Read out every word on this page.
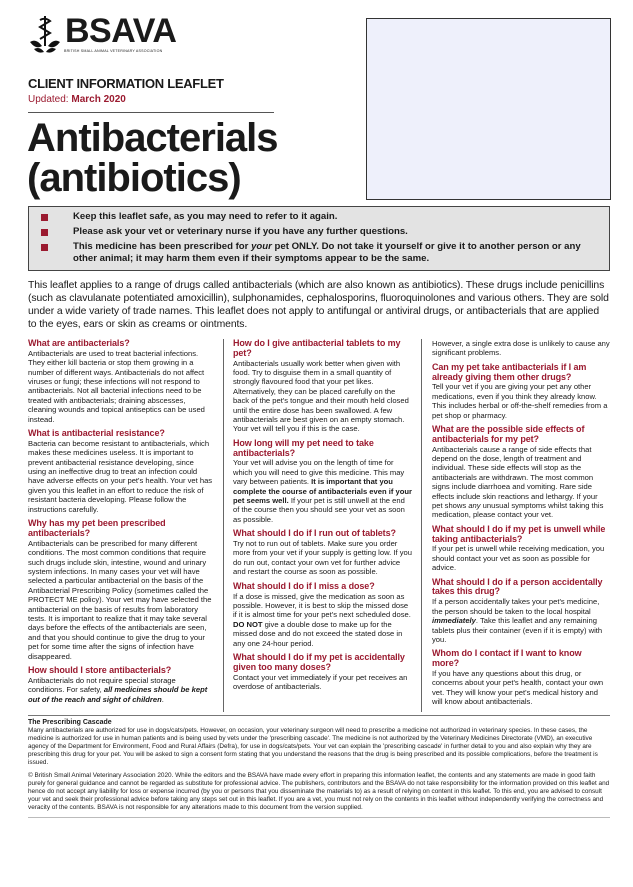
BSAVA
BRITISH SMALL ANIMAL VETERINARY ASSOCIATION
CLIENT INFORMATION LEAFLET
Updated: March 2020
Antibacterials
(antibiotics)
Keep this leaflet safe, as you may need to refer to it again.
Please ask your vet or veterinary nurse if you have any further questions.
This medicine has been prescribed for your pet ONLY. Do not take it yourself or give it to another person or any other animal; it may harm them even if their symptoms appear to be the same.
This leaflet applies to a range of drugs called antibacterials (which are also known as antibiotics). These drugs include penicillins (such as clavulanate potentiated amoxicillin), sulphonamides, cephalosporins, fluoroquinolones and various others. They are sold under a wide variety of trade names. This leaflet does not apply to antifungal or antiviral drugs, or antibacterials that are applied to the eyes, ears or skin as creams or ointments.
What are antibacterials?

Antibacterials are used to treat bacterial infections. They either kill bacteria or stop them growing in a number of different ways. Antibacterials do not affect viruses or fungi; these infections will not respond to antibacterials. Not all bacterial infections need to be treated with antibacterials; draining abscesses, cleaning wounds and topical antiseptics can be used instead.

What is antibacterial resistance?

Bacteria can become resistant to antibacterials, which makes these medicines useless. It is important to prevent antibacterial resistance developing, since using an ineffective drug to treat an infection could have adverse effects on your pet's health. Your vet has given you this leaflet in an effort to reduce the risk of resistant bacteria developing. Please follow the instructions carefully.

Why has my pet been prescribed antibacterials?

Antibacterials can be prescribed for many different conditions. The most common conditions that require such drugs include skin, intestine, wound and urinary system infections. In many cases your vet will have selected a particular antibacterial on the basis of the Antibacterial Prescribing Policy (sometimes called the PROTECT ME policy). Your vet may have selected the antibacterial on the basis of results from laboratory tests. It is important to realize that it may take several days before the effects of the antibacterials are seen, and that you should continue to give the drug to your pet for some time after the signs of infection have disappeared.

How should I store antibacterials?

Antibacterials do not require special storage conditions. For safety, all medicines should be kept out of the reach and sight of children.

How do I give antibacterial tablets to my pet?

Antibacterials usually work better when given with food. Try to disguise them in a small quantity of strongly flavoured food that your pet likes. Alternatively, they can be placed carefully on the back of the pet's tongue and their mouth held closed until the entire dose has been swallowed. A few antibacterials are best given on an empty stomach. Your vet will tell you if this is the case.

How long will my pet need to take antibacterials?

Your vet will advise you on the length of time for which you will need to give this medicine. This may vary between patients. It is important that you complete the course of antibacterials even if your pet seems well. If your pet is still unwell at the end of the course then you should see your vet as soon as possible.

What should I do if I run out of tablets?

Try not to run out of tablets. Make sure you order more from your vet if your supply is getting low. If you do run out, contact your own vet for further advice and restart the course as soon as possible.

What should I do if I miss a dose?

If a dose is missed, give the medication as soon as possible. However, it is best to skip the missed dose if it is almost time for your pet's next scheduled dose. DO NOT give a double dose to make up for the missed dose and do not exceed the stated dose in any one 24-hour period.

What should I do if my pet is accidentally given too many doses?

Contact your vet immediately if your pet receives an overdose of antibacterials.

However, a single extra dose is unlikely to cause any significant problems.

Can my pet take antibacterials if I am already giving them other drugs?

Tell your vet if you are giving your pet any other medications, even if you think they already know. This includes herbal or off-the-shelf remedies from a pet shop or pharmacy.

What are the possible side effects of antibacterials for my pet?

Antibacterials cause a range of side effects that depend on the dose, length of treatment and individual. These side effects will stop as the antibacterials are withdrawn. The most common signs include diarrhoea and vomiting. Rare side effects include skin reactions and lethargy. If your pet shows any unusual symptoms whilst taking this medication, please contact your vet.

What should I do if my pet is unwell while taking antibacterials?

If your pet is unwell while receiving medication, you should contact your vet as soon as possible for advice.

What should I do if a person accidentally takes this drug?

If a person accidentally takes your pet's medicine, the person should be taken to the local hospital immediately. Take this leaflet and any remaining tablets plus their container (even if it is empty) with you.

Whom do I contact if I want to know more?

If you have any questions about this drug, or concerns about your pet's health, contact your own vet. They will know your pet's medical history and will know about antibacterials.

The Prescribing Cascade

Many antibacterials are authorized for use in dogs/cats/pets. However, on occasion, your veterinary surgeon will need to prescribe a medicine not authorized in veterinary species. In these cases, the medicine is authorized for use in human patients and is being used by vets under the 'prescribing cascade'. The medicine is not authorized by the Veterinary Medicines Directorate (VMD), an executive agency of the Department for Environment, Food and Rural Affairs (Defra), for use in dogs/cats/pets. Your vet can explain the 'prescribing cascade' in further detail to you and also explain why they are prescribing this drug for your pet. You will be asked to sign a consent form stating that you understand the reasons that the drug is being prescribed and its possible complications, before the treatment is issued.

© British Small Animal Veterinary Association 2020. While the editors and the BSAVA have made every effort in preparing this information leaflet, the contents and any statements are made in good faith purely for general guidance and cannot be regarded as substitute for professional advice. The publishers, contributors and the BSAVA do not take responsibility for the information provided on this leaflet and hence do not accept any liability for loss or expense incurred (by you or persons that you disseminate the materials to) as a result of relying on content in this leaflet. To this end, you are advised to consult your vet and seek their professional advice before taking any steps set out in this leaflet. If you are a vet, you must not rely on the contents in this leaflet without independently verifying the correctness and veracity of the contents. BSAVA is not responsible for any alterations made to this document from the version supplied.
